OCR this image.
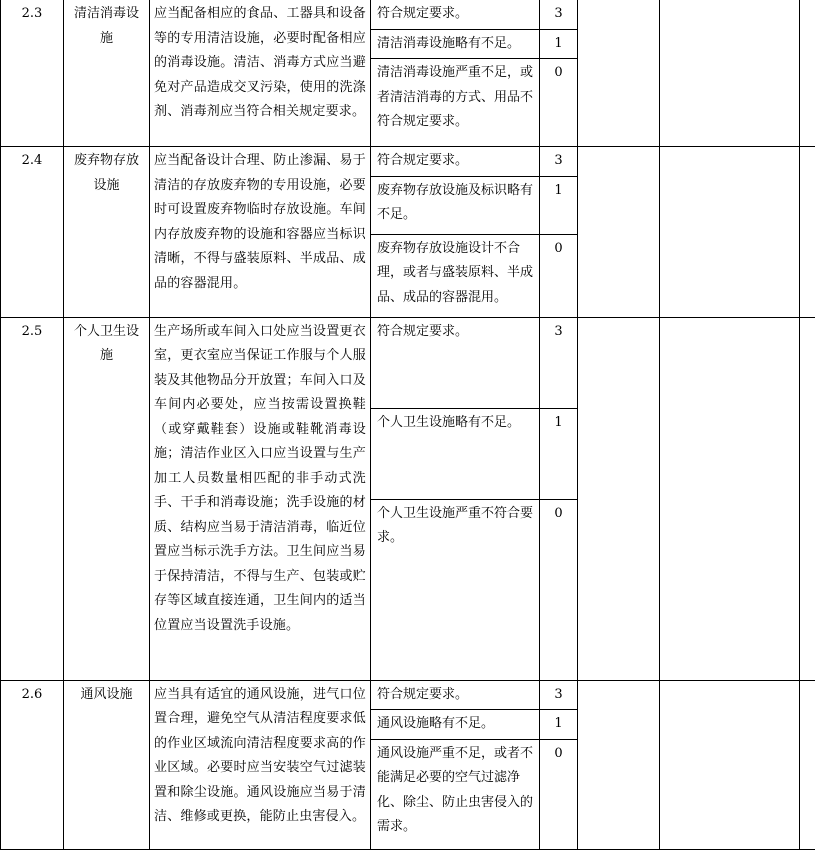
2.3	清洁消毒设施	应当配备相应的食品、工器具和设备等的专用清洁设施，必要时配备相应的消毒设施。清洁、消毒方式应当避免对产品造成交叉污染，使用的洗涤剂、消毒剂应当符合相关规定要求。	符合规定要求。	3			
			清洁消毒设施略有不足。	1			
			清洁消毒设施严重不足，或者清洁消毒的方式、用品不符合规定要求。	0			
2.4	废弃物存放设施	应当配备设计合理、防止渗漏、易于清洁的存放废弃物的专用设施，必要时可设置废弃物临时存放设施。车间内存放废弃物的设施和容器应当标识清晰，不得与盛装原料、半成品、成品的容器混用。	符合规定要求。	3			
			废弃物存放设施及标识略有不足。	1			
			废弃物存放设施设计不合理，或者与盛装原料、半成品、成品的容器混用。	0			
2.5	个人卫生设施	生产场所或车间入口处应当设置更衣室，更衣室应当保证工作服与个人服装及其他物品分开放置；车间入口及车间内必要处，应当按需设置换鞋（或穿戴鞋套）设施或鞋靴消毒设施；清洁作业区入口应当设置与生产加工人员数量相匹配的非手动式洗手、干手和消毒设施；洗手设施的材质、结构应当易于清洁消毒，临近位置应当标示洗手方法。卫生间应当易于保持清洁，不得与生产、包装或贮存等区域直接连通，卫生间内的适当位置应当设置洗手设施。	符合规定要求。	3			
			个人卫生设施略有不足。	1			
			个人卫生设施严重不符合要求。	0			
2.6	通风设施	应当具有适宜的通风设施，进气口位置合理，避免空气从清洁程度要求低的作业区域流向清洁程度要求高的作业区域。必要时应当安装空气过滤装置和除尘设施。通风设施应当易于清洁、维修或更换，能防止虫害侵入。	符合规定要求。	3			
			通风设施略有不足。	1			
			通风设施严重不足，或者不能满足必要的空气过滤净化、除尘、防止虫害侵入的需求。	0			
